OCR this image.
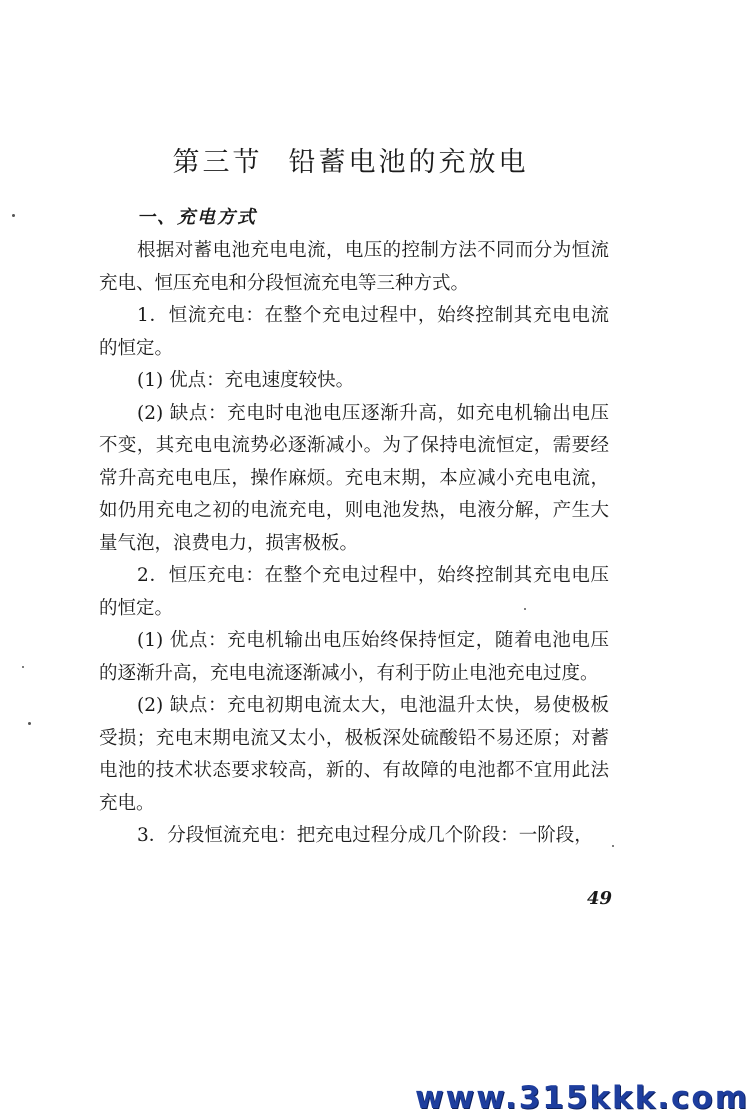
第三节 铅蓄电池的充放电
一、充电方式

根据对蓄电池充电电流，电压的控制方法不同而分为恒流充电、恒压充电和分段恒流充电等三种方式。

1．恒流充电：在整个充电过程中，始终控制其充电电流的恒定。

(1) 优点：充电速度较快。

(2) 缺点：充电时电池电压逐渐升高，如充电机输出电压不变，其充电电流势必逐渐减小。为了保持电流恒定，需要经常升高充电电压，操作麻烦。充电末期，本应减小充电电流，如仍用充电之初的电流充电，则电池发热，电液分解，产生大量气泡，浪费电力，损害极板。

2．恒压充电：在整个充电过程中，始终控制其充电电压的恒定。

(1) 优点：充电机输出电压始终保持恒定，随着电池电压的逐渐升高，充电电流逐渐减小，有利于防止电池充电过度。

(2) 缺点：充电初期电流太大，电池温升太快，易使极板受损；充电末期电流又太小，极板深处硫酸铅不易还原；对蓄电池的技术状态要求较高，新的、有故障的电池都不宜用此法充电。

3．分段恒流充电：把充电过程分成几个阶段：一阶段，

49
www.315kkk.com
